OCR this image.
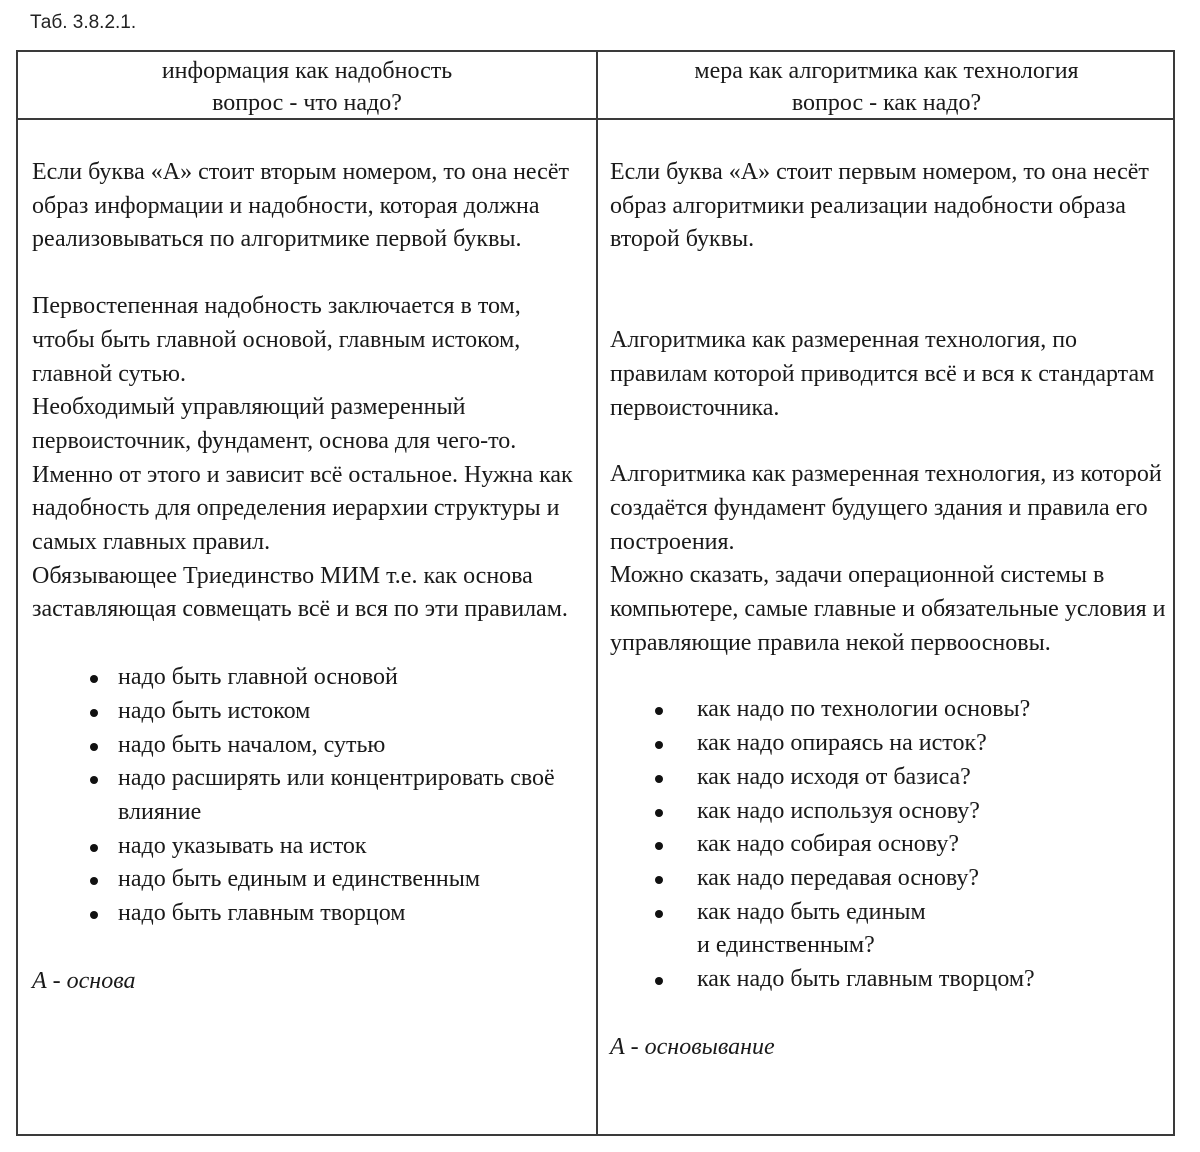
Таб. 3.8.2.1.
информация как надобность
вопрос - что надо?
мера как алгоритмика как технология
вопрос - как надо?

Если буква «А» стоит вторым номером, то она несёт образ информации и надобности, которая должна реализовываться по алгоритмике первой буквы.

Первостепенная надобность заключается в том, чтобы быть главной основой, главным истоком, главной сутью.

Необходимый управляющий размеренный первоисточник, фундамент, основа для чего-то. Именно от этого и зависит всё остальное. Нужна как надобность для определения иерархии структуры и самых главных правил.

Обязывающее Триединство МИМ т.е. как основа заставляющая совмещать всё и вся по эти правилам.

надо быть главной основой
надо быть истоком
надо быть началом, сутью
надо расширять или концентрировать своё влияние
надо указывать на исток
надо быть единым и единственным
надо быть главным творцом

А - основа

Если буква «А» стоит первым номером, то она несёт образ алгоритмики реализации надобности образа второй буквы.

Алгоритмика как размеренная технология, по правилам которой приводится всё и вся к стандартам первоисточника.

Алгоритмика как размеренная технология, из которой создаётся фундамент будущего здания и правила его построения.

Можно сказать, задачи операционной системы в компьютере, самые главные и обязательные условия и управляющие правила некой первоосновы.

как надо по технологии основы?
как надо опираясь на исток?
как надо исходя от базиса?
как надо используя основу?
как надо собирая основу?
как надо передавая основу?
как надо быть единым и единственным?
как надо быть главным творцом?

А - основывание
